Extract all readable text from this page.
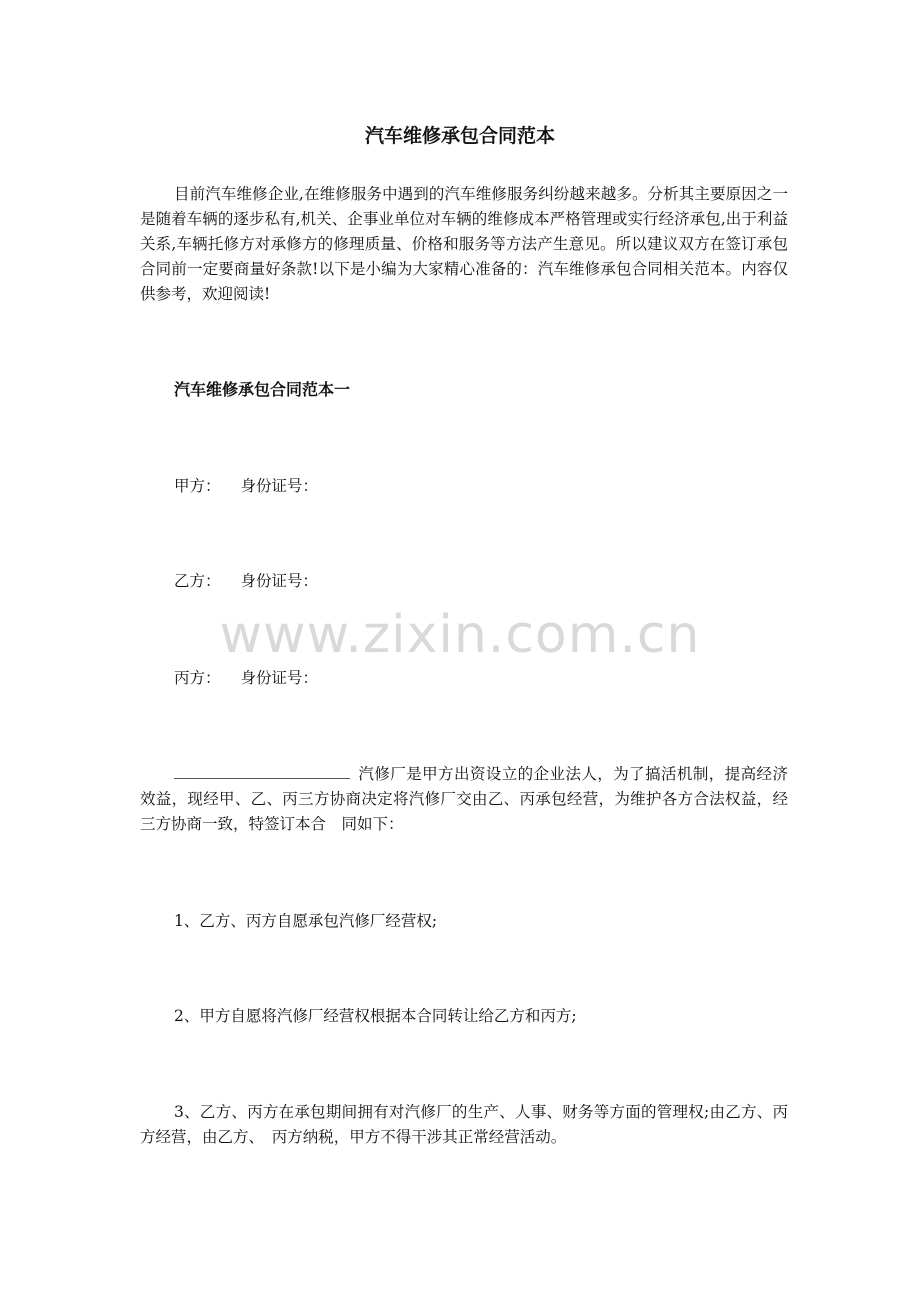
汽车维修承包合同范本

目前汽车维修企业,在维修服务中遇到的汽车维修服务纠纷越来越多。分析其主要原因之一是随着车辆的逐步私有,机关、企事业单位对车辆的维修成本严格管理或实行经济承包,出于利益关系,车辆托修方对承修方的修理质量、价格和服务等方法产生意见。所以建议双方在签订承包合同前一定要商量好条款!以下是小编为大家精心准备的：汽车维修承包合同相关范本。内容仅供参考，欢迎阅读!

汽车维修承包合同范本一

甲方： 身份证号：

乙方： 身份证号：

丙方： 身份证号：

汽修厂是甲方出资设立的企业法人，为了搞活机制，提高经济效益，现经甲、乙、丙三方协商决定将汽修厂交由乙、丙承包经营，为维护各方合法权益，经三方协商一致，特签订本合　同如下：

1、乙方、丙方自愿承包汽修厂经营权;

2、甲方自愿将汽修厂经营权根据本合同转让给乙方和丙方;

3、乙方、丙方在承包期间拥有对汽修厂的生产、人事、财务等方面的管理权;由乙方、丙方经营，由乙方、　丙方纳税，甲方不得干涉其正常经营活动。

www.zixin.com.cn
